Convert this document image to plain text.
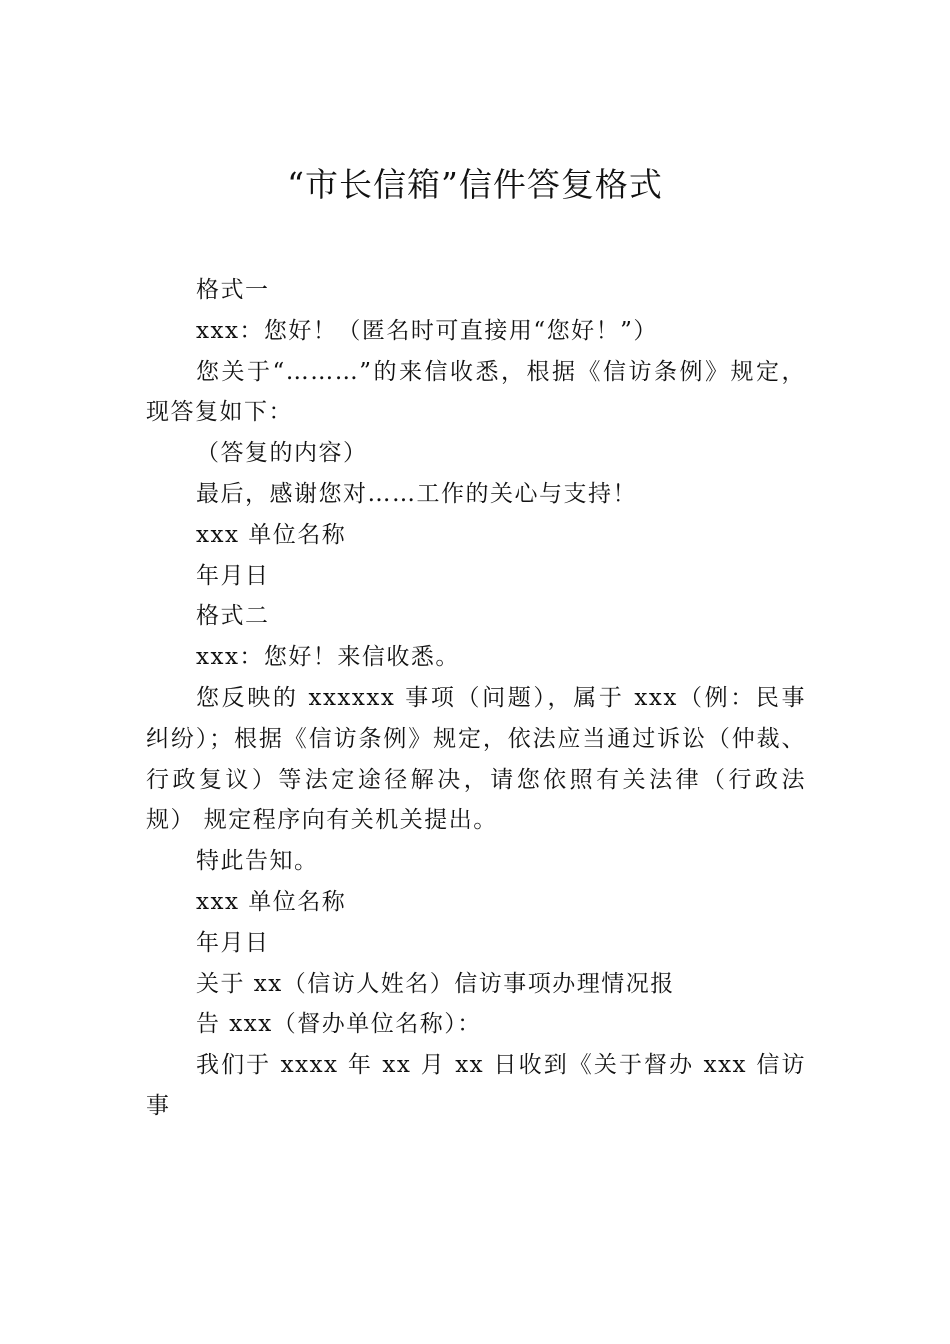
“市长信箱”信件答复格式

格式一

xxx：您好！（匿名时可直接用“您好！”）

您关于“………”的来信收悉，根据《信访条例》规定，现答复如下：

（答复的内容）

最后，感谢您对……工作的关心与支持！

xxx 单位名称

年月日

格式二

xxx：您好！来信收悉。

您反映的 xxxxxx 事项（问题），属于 xxx（例：民事纠纷）；根据《信访条例》规定，依法应当通过诉讼（仲裁、行政复议）等法定途径解决，请您依照有关法律（行政法规） 规定程序向有关机关提出。

特此告知。

xxx 单位名称

年月日

关于 xx（信访人姓名）信访事项办理情况报

告 xxx（督办单位名称）：

我们于 xxxx 年 xx 月 xx 日收到《关于督办 xxx 信访事
